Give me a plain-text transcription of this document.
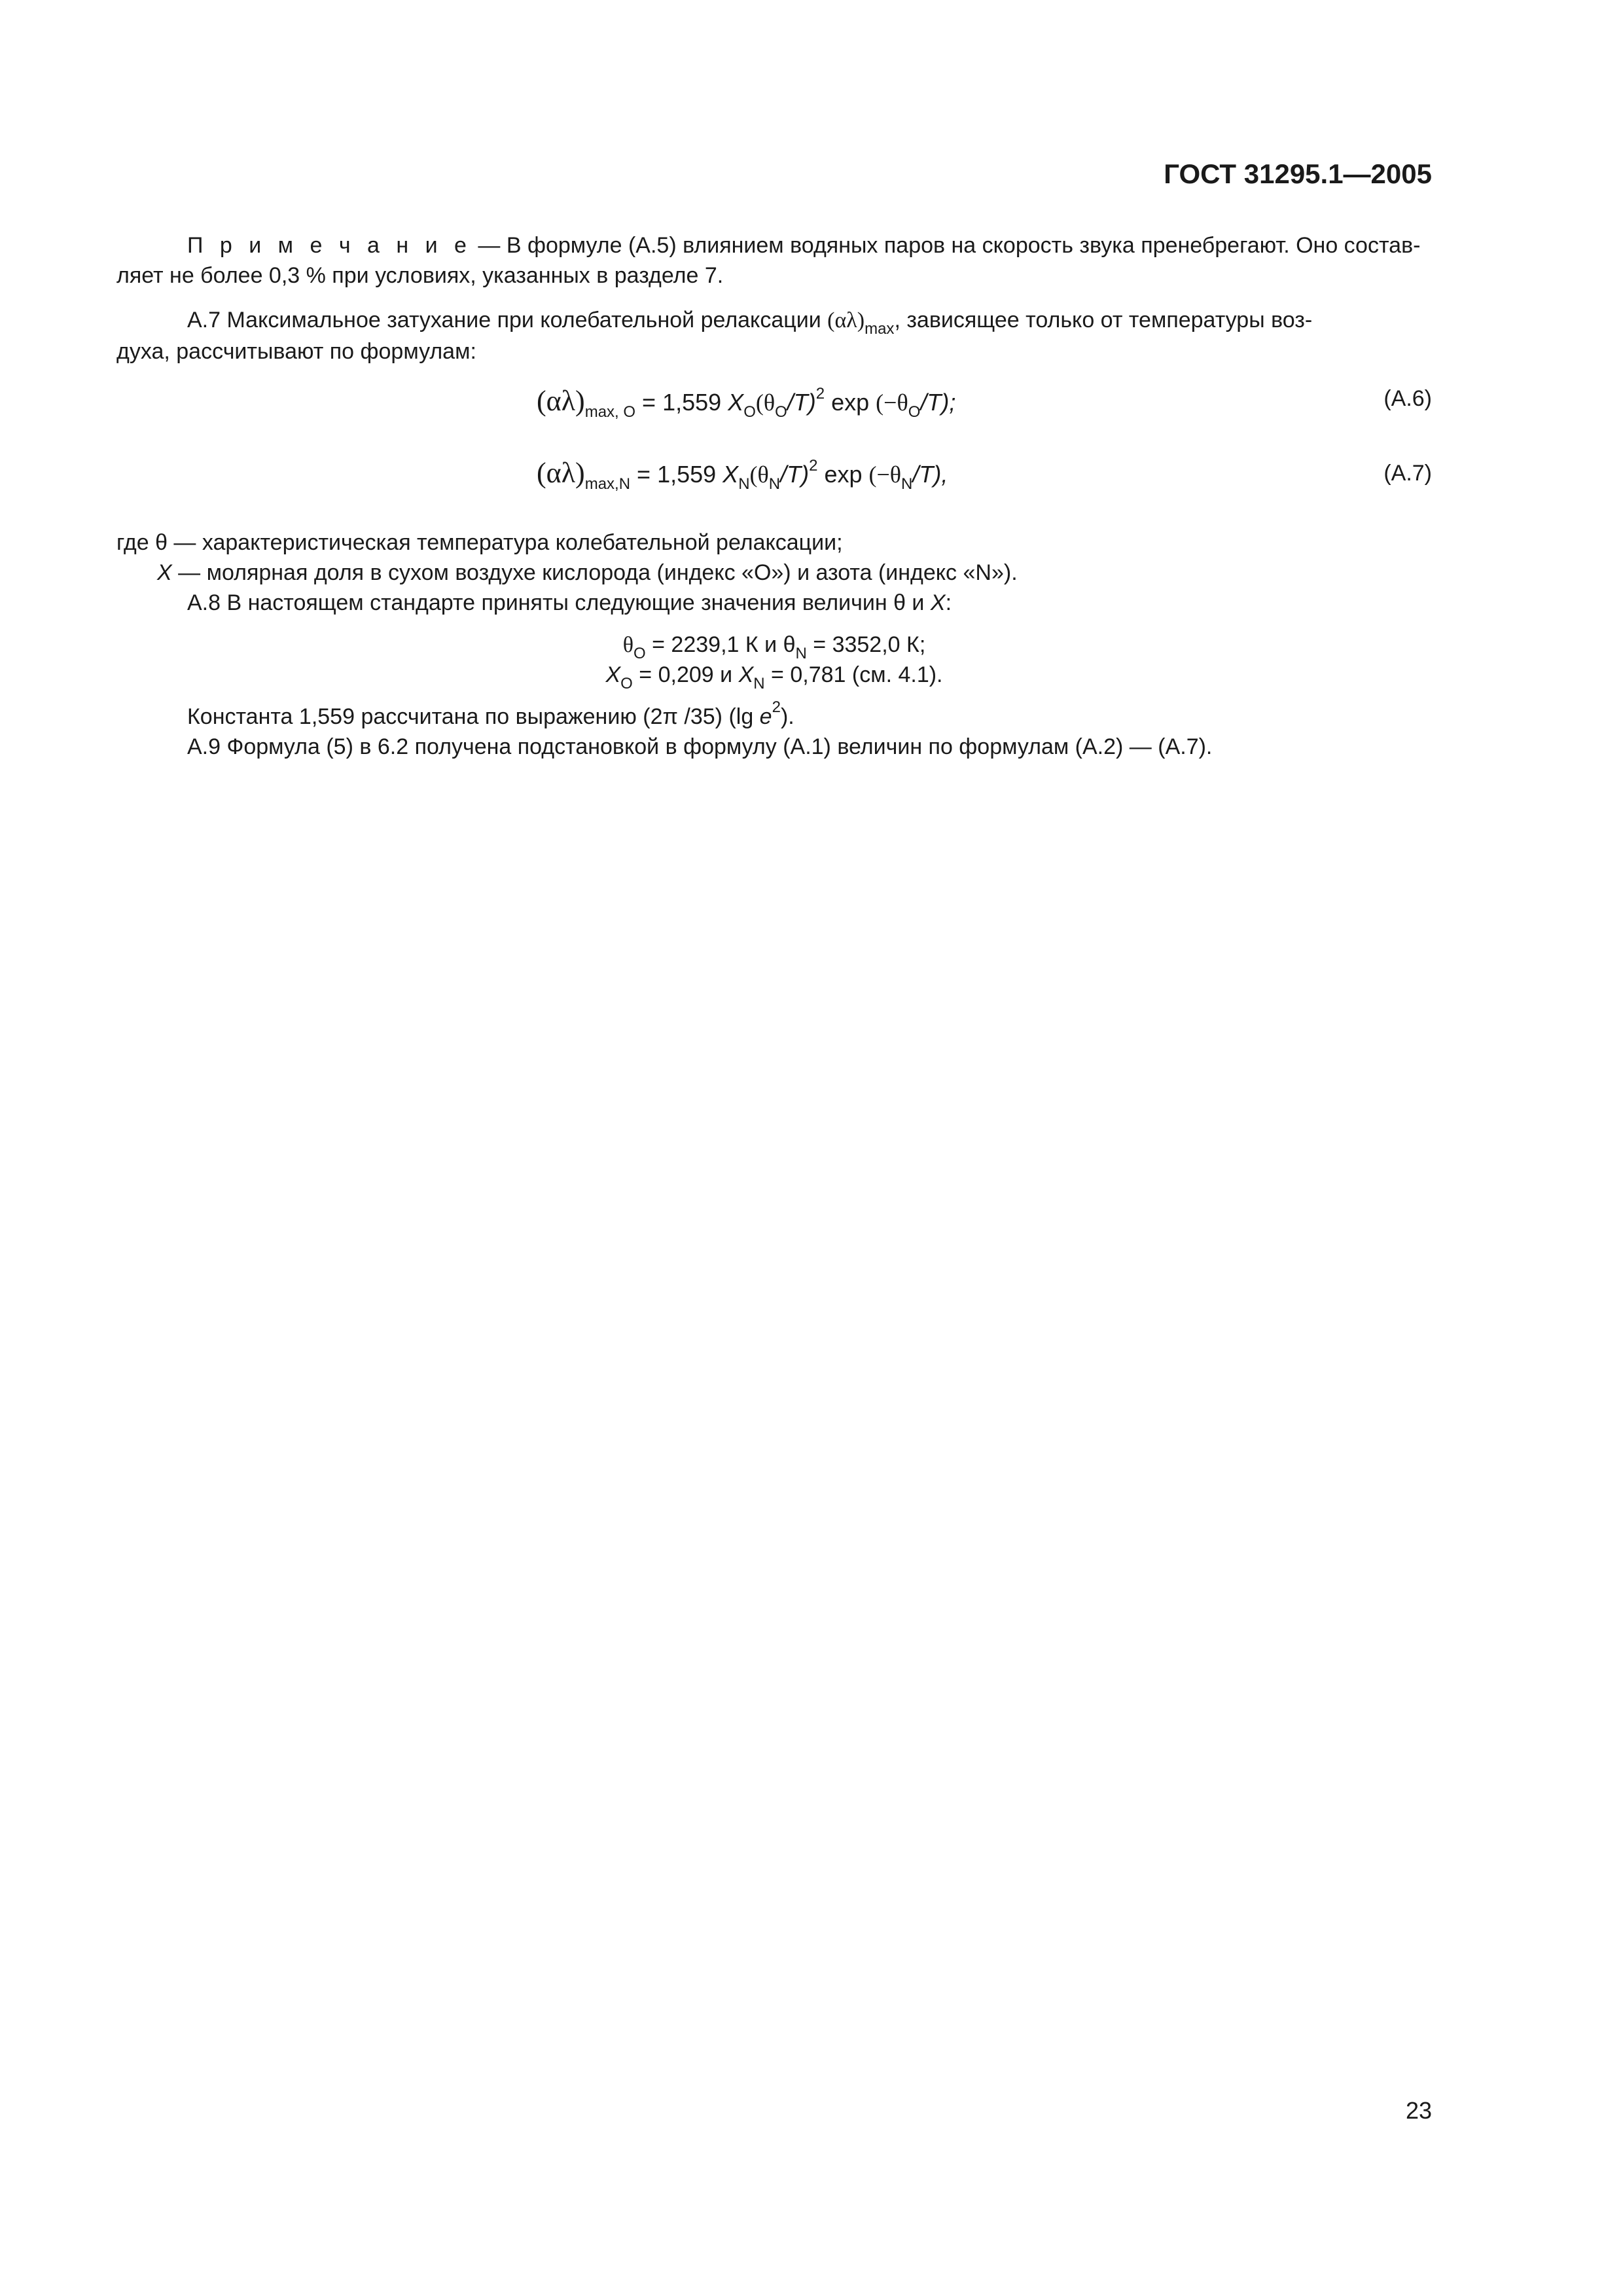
ГОСТ 31295.1—2005
П р и м е ч а н и е — В формуле (А.5) влиянием водяных паров на скорость звука пренебрегают. Оно состав-
ляет не более 0,3 % при условиях, указанных в разделе 7.
А.7 Максимальное затухание при колебательной релаксации $(\alpha\lambda)_{max}$, зависящее только от температуры воз-
духа, рассчитывают по формулам:
$(\alpha\lambda)_{max, O} = 1,559$ $X_O(\theta_O/T)^2$ $\exp (-\theta_O/T)$;	(А.6)
$(\alpha\lambda)_{max,N} = 1,559$ $X_N(\theta_N/T)^2$ $\exp (-\theta_N/T)$,	(А.7)
где θ — характеристическая температура колебательной релаксации;
X — молярная доля в сухом воздухе кислорода (индекс «О») и азота (индекс «N»).
А.8 В настоящем стандарте приняты следующие значения величин θ и X:
$\theta_O = 2239,1$ К и $\theta_N = 3352,0$ К;
$X_O = 0,209$ и $X_N = 0,781$ (см. 4.1).
Константа 1,559 рассчитана по выражению (2π /35) (lg $e^2$).
А.9 Формула (5) в 6.2 получена подстановкой в формулу (А.1) величин по формулам (А.2) — (А.7).
23
